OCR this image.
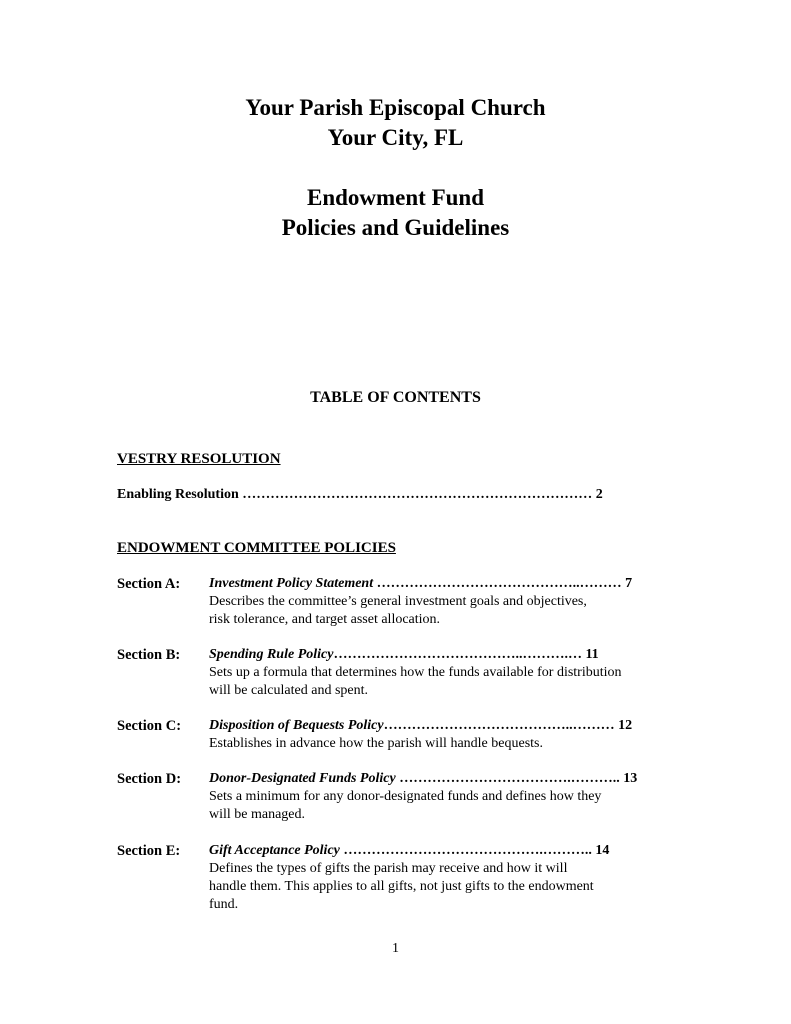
Your Parish Episcopal Church
Your City, FL
Endowment Fund
Policies and Guidelines
TABLE OF CONTENTS
VESTRY RESOLUTION
Enabling Resolution ………………………………………………………………… 2
ENDOWMENT COMMITTEE POLICIES
Section A: Investment Policy Statement ……………………………………..……… 7
Describes the committee’s general investment goals and objectives,
risk tolerance, and target asset allocation.
Section B: Spending Rule Policy…………………………………..……….… 11
Sets up a formula that determines how the funds available for distribution
will be calculated and spent.
Section C: Disposition of Bequests Policy…………………………………..……… 12
Establishes in advance how the parish will handle bequests.
Section D: Donor-Designated Funds Policy ……………………………….……….. 13
Sets a minimum for any donor-designated funds and defines how they
will be managed.
Section E: Gift Acceptance Policy …………………………………….……….. 14
Defines the types of gifts the parish may receive and how it will
handle them. This applies to all gifts, not just gifts to the endowment
fund.
1
